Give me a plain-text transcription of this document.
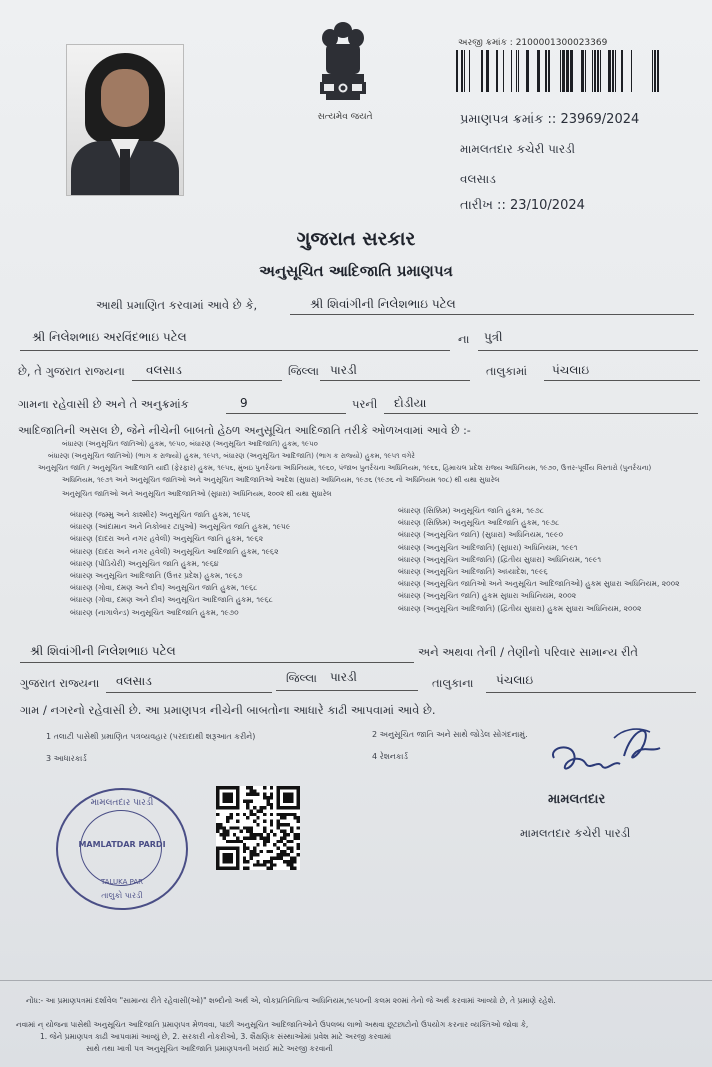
સત્યમેવ જયતે
અરજી ક્રમાંક : 2100001300023369
પ્રમાણપત્ર ક્રમાંક :: 23969/2024
મામલતદાર કચેરી પારડી
વલસાડ
તારીખ :: 23/10/2024
ગુજરાત સરકાર
અનુસૂચિત આદિજાતિ પ્રમાણપત્ર
આથી પ્રમાણિત કરવામાં આવે છે કે,	શ્રી શિવાંગીની નિલેશભાઇ પટેલ
શ્રી નિલેશભાઇ અરવિંદભાઇ પટેલ	ના પુત્રી
છે, તે ગુજરાત રાજ્યના વલસાડ	જિલ્લા પારડી	તાલુકામાં પંચલાઇ
ગામના રહેવાસી છે અને તે અનુક્રમાંક	9	પરની દોડીયા
આદિજાતિની અસલ છે, જેને નીચેની બાબતો હેઠળ અનુસૂચિત આદિજાતિ તરીકે ઓળખવામાં આવે છે :-
બંધારણ (અનુસૂચિત જાતિઓ) હુકમ, ૧૯૫૦, બંધારણ (અનુસૂચિત આદિજાતિ) હુકમ, ૧૯૫૦
બંધારણ (અનુસૂચિત જાતિઓ) (ભાગ ક રાજ્યો) હુકમ, ૧૯૫૧, બંધારણ (અનુસૂચિત આદિજાતિ) (ભાગ ક રાજ્યો) હુકમ, ૧૯૫૧ વગેરે
અનુસૂચિત જાતિ / અનુસૂચિત આદિજાતિ યાદી (ફેરફાર) હુકમ, ૧૯૫૬, મુંબઇ પુનર્રચના અધિનિયમ, ૧૯૬૦, પંજાબ પુનર્રચના અધિનિયમ, ૧૯૬૬, હિમાચલ પ્રદેશ રાજ્ય અધિનિયમ, ૧૯૭૦, ઉત્તર-પૂર્વીય વિસ્તારો (પુનર્રચના)
અધિનિયમ, ૧૯૭૧ અને અનુસૂચિત જાતિઓ અને અનુસૂચિત આદિજાતિઓ આદેશ (સુધારા) અધિનિયમ, ૧૯૭૬ (૧૯૭૬ નો અધિનિયમ ૧૦૮) થી યથા સુધારેલ
અનુસૂચિત જાતિઓ અને અનુસૂચિત આદિજાતિઓ (સુધારા) અધિનિયમ, ૨૦૦૨ થી યથા સુધારેલ
બંધારણ (જમ્મુ અને કાશ્મીર) અનુસૂચિત જાતિ હુકમ, ૧૯૫૬
બંધારણ (આંદામાન અને નિકોબાર ટાપુઓ) અનુસૂચિત જાતિ હુકમ, ૧૯૫૯
બંધારણ (દાદરા અને નગર હવેલી) અનુસૂચિત જાતિ હુકમ, ૧૯૬૨
બંધારણ (દાદરા અને નગર હવેલી) અનુસૂચિત આદિજાતિ હુકમ, ૧૯૬૨
બંધારણ (પોંડિચેરી) અનુસૂચિત જાતિ હુકમ, ૧૯૬૪
બંધારણ અનુસૂચિત આદિજાતિ (ઉત્તર પ્રદેશ) હુકમ, ૧૯૬૭
બંધારણ (ગોવા, દમણ અને દીવ) અનુસૂચિત જાતિ હુકમ, ૧૯૬૮
બંધારણ (ગોવા, દમણ અને દીવ) અનુસૂચિત આદિજાતિ હુકમ, ૧૯૬૮
બંધારણ (નાગાલેન્ડ) અનુસૂચિત આદિજાતિ હુકમ, ૧૯૭૦
બંધારણ (સિક્કિમ) અનુસૂચિત જાતિ હુકમ, ૧૯૭૮
બંધારણ (સિક્કિમ) અનુસૂચિત આદિજાતિ હુકમ, ૧૯૭૮
બંધારણ (અનુસૂચિત જાતિ) (સુધારા) અધિનિયમ, ૧૯૯૦
બંધારણ (અનુસૂચિત આદિજાતિ) (સુધારા) અધિનિયમ, ૧૯૯૧
બંધારણ (અનુસૂચિત આદિજાતિ) (દ્વિતીય સુધારા) અધિનિયમ, ૧૯૯૧
બંધારણ (અનુસૂચિત આદિજાતિ) અધ્યાદેશ, ૧૯૯૬
બંધારણ (અનુસૂચિત જાતિઓ અને અનુસૂચિત આદિજાતિઓ) હુકમ સુધારા અધિનિયમ, ૨૦૦૨
બંધારણ (અનુસૂચિત જાતિ) હુકમ સુધારા અધિનિયમ, ૨૦૦૨
બંધારણ (અનુસૂચિત આદિજાતિ) (દ્વિતીય સુધારા) હુકમ સુધારા અધિનિયમ, ૨૦૦૨
શ્રી શિવાંગીની નિલેશભાઇ પટેલ	અને અથવા તેની / તેણીનો પરિવાર સામાન્ય રીતે
ગુજરાત રાજ્યના વલસાડ	જિલ્લા પારડી	તાલુકાના પંચલાઇ
ગામ / નગરનો રહેવાસી છે. આ પ્રમાણપત્ર નીચેની બાબતોના આધારે કાઢી આપવામાં આવે છે.
1 તલાટી પાસેથી પ્રમાણિત પત્રવ્યવહાર (પરદાદાથી શરૂઆત કરીને)	2 અનુસૂચિત જાતિ અને સાથે જોડેલ સોગંદનામું.
3 આધારકાર્ડ	4 રેશનકાર્ડ
મામલતદાર પારડી
MAMLATDAR PARDI
TALUKA PAR
તાલુકો પારડી
મામલતદાર
મામલતદાર કચેરી પારડી
નોંધ:- આ પ્રમાણપત્રમાં દર્શાવેલ "સામાન્ય રીતે રહેવાસી(ઓ)" શબ્દોનો અર્થ એ, લોકપ્રતિનિધિત્વ અધિનિયમ,૧૯૫૦ની કલમ ૨૦માં તેનો જે અર્થ કરવામાં આવ્યો છે, તે પ્રમાણે રહેશે.
નવામાં ન્ યોજના પાસેથી અનુસૂચિત આદિજાતિ પ્રમાણપત્ર મેળવવા, પાછી અનુસૂચિત આદિજાતિઓને ઉપલબ્ધ લાભો અથવા છૂટછાટોનો ઉપયોગ કરનાર વ્યક્તિઓ જોવા કે,
1. જેને પ્રમાણપત્ર કાઢી આપવામાં આવ્યું છે, 2. સરકારી નોકરીઓ, 3. શૈક્ષણિક સંસ્થાઓમાં પ્રવેશ માટે અરજી કરવામાં
સાથે તથા ખાત્રી પત્ર અનુસૂચિત આદિજાતિ પ્રમાણપત્રની ખરાઈ માટે અરજી કરવાની
